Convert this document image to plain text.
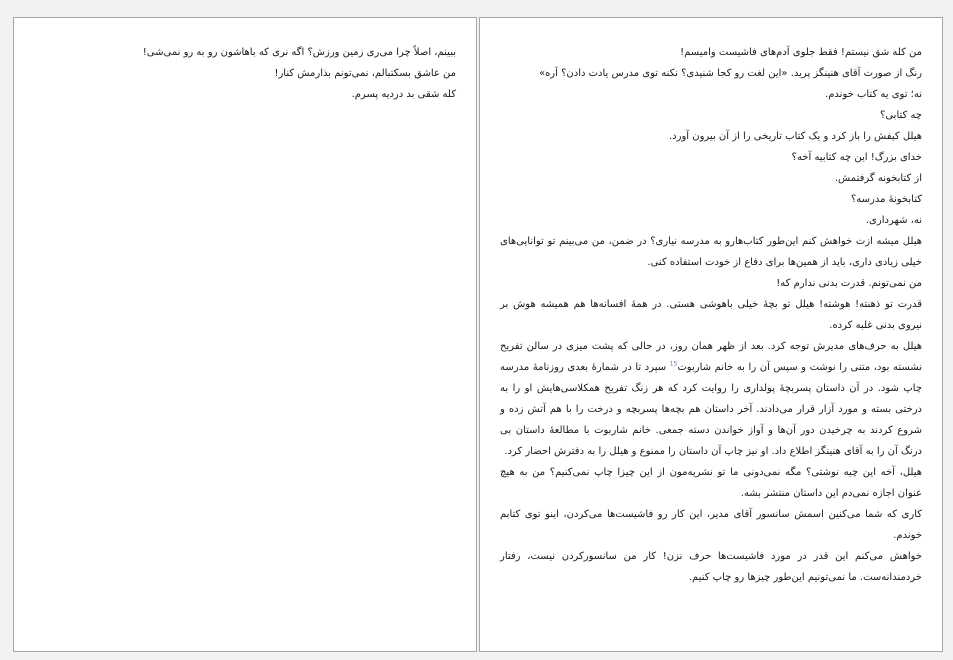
من کله شق نیستم! فقط جلوی آدم‌های فاشیست وامیسم!

رنگ از صورت آقای هنینگز پرید. «این لغت رو کجا شنیدی؟ نکنه توی مدرس یادت دادن؟ آره»

نه؛ توی یه کتاب خوندم.

چه کتابی؟

هیلل کیفش را باز کرد و یک کتاب تاریخی را از آن بیرون آورد.

خدای بزرگ! این چه کتابیه آخه؟

از کتابخونه گرفتمش.

کتابخونهٔ مدرسه؟

نه، شهرداری.

هیلل میشه ازت خواهش کنم این‌طور کتاب‌هارو به مدرسه نیاری؟ در ضمن، من می‌بینم تو توانایی‌های خیلی زیادی داری، باید از همین‌ها برای دفاع از خودت استفاده کنی.

من نمی‌تونم. قدرت بدنی ندارم که!

قدرت تو ذهنته! هوشته! هیلل تو بچهٔ خیلی باهوشی هستی. در همهٔ افسانه‌ها هم همیشه هوش بر نیروی بدنی غلبه کرده.

هیلل به حرف‌های مدیرش توجه کرد. بعد از ظهر همان روز، در حالی که پشت میزی در سالن تفریح نشسته بود، متنی را نوشت و سپس آن را به خانم شاربوت$^{15}$ سپرد تا در شمارهٔ بعدی روزنامهٔ مدرسه چاپ شود. در آن داستان پسربچهٔ پولداری را روایت کرد که هر زنگ تفریح همکلاسی‌هایش او را به درختی بسته و مورد آزار قرار می‌دادند. آخر داستان هم بچه‌ها پسربچه و درخت را با هم آتش زده و شروع کردند به چرخیدن دور آن‌ها و آواز خواندن دسته جمعی. خانم شاربوت با مطالعهٔ داستان بی درنگ آن را به آقای هنینگز اطلاع داد. او نیز چاپ آن داستان را ممنوع و هیلل را به دفترش احضار کرد.

هیلل، آخه این چیه نوشتی؟ مگه نمی‌دونی ما تو نشریه‌مون از این چیزا چاپ نمی‌کنیم؟ من به هیچ عنوان اجازه نمی‌دم این داستان منتشر بشه.

کاری که شما می‌کنین اسمش سانسور آقای مدیر، این کار رو فاشیست‌ها می‌کردن، اینو توی کتابم خوندم.

خواهش می‌کنم این قدر در مورد فاشیست‌ها حرف نزن! کار من سانسورکردن نیست، رفتار خردمندانه‌ست. ما نمی‌تونیم این‌طور چیزها رو چاپ کنیم.

ببینم، اصلاً چرا می‌ری زمین ورزش؟ اگه نری که باهاشون رو به رو نمی‌شی!

من عاشق بسکتبالم، نمی‌تونم بذارمش کنار!

کله شقی بد دردیه پسرم.
